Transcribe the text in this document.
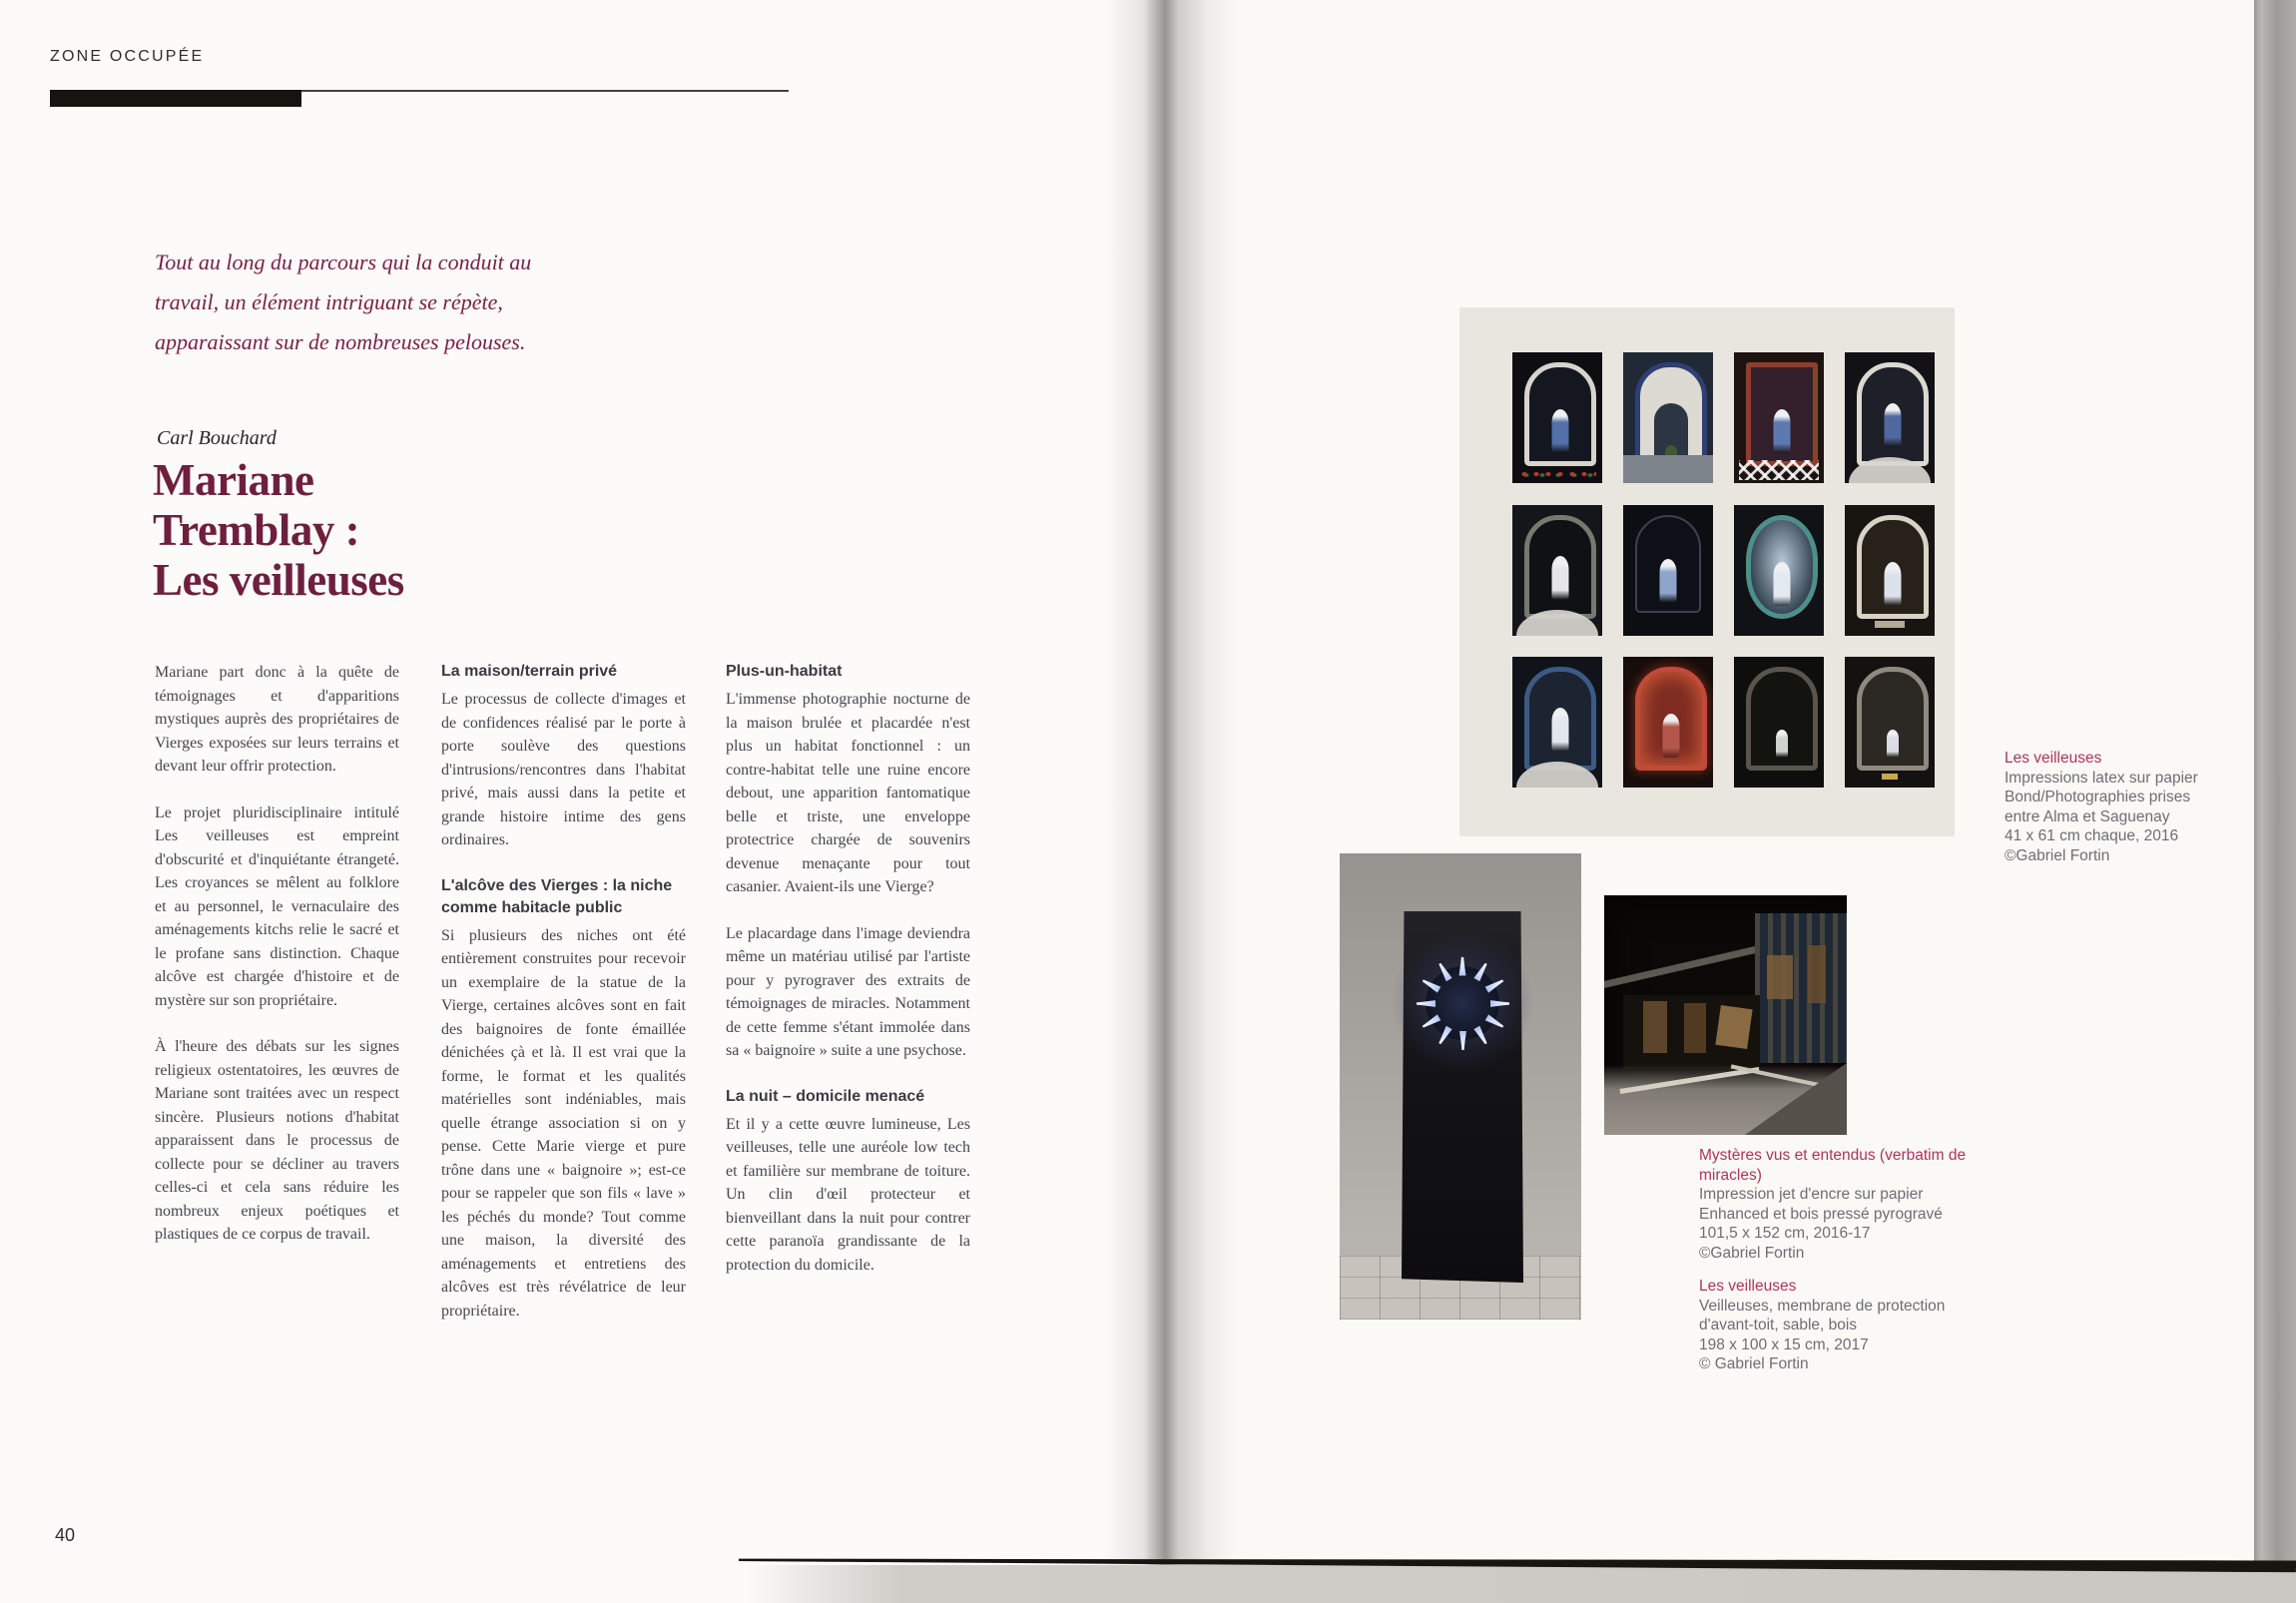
ZONE OCCUPÉE
Tout au long du parcours qui la conduit au
travail, un élément intriguant se répète,
apparaissant sur de nombreuses pelouses.
Carl Bouchard
Mariane
Tremblay :
Les veilleuses

Mariane part donc à la quête de témoignages et d'apparitions mystiques auprès des propriétaires de Vierges exposées sur leurs terrains et devant leur offrir protection.

Le projet pluridisciplinaire intitulé Les veilleuses est empreint d'obscurité et d'inquiétante étrangeté. Les croyances se mêlent au folklore et au personnel, le vernaculaire des aménagements kitchs relie le sacré et le profane sans distinction. Chaque alcôve est chargée d'histoire et de mystère sur son propriétaire.

À l'heure des débats sur les signes religieux ostentatoires, les œuvres de Mariane sont traitées avec un respect sincère. Plusieurs notions d'habitat apparaissent dans le processus de collecte pour se décliner au travers celles-ci et cela sans réduire les nombreux enjeux poétiques et plastiques de ce corpus de travail.

La maison/terrain privé

Le processus de collecte d'images et de confidences réalisé par le porte à porte soulève des questions d'intrusions/rencontres dans l'habitat privé, mais aussi dans la petite et grande histoire intime des gens ordinaires.

L'alcôve des Vierges : la niche comme habitacle public

Si plusieurs des niches ont été entièrement construites pour recevoir un exemplaire de la statue de la Vierge, certaines alcôves sont en fait des baignoires de fonte émaillée dénichées çà et là. Il est vrai que la forme, le format et les qualités matérielles sont indéniables, mais quelle étrange association si on y pense. Cette Marie vierge et pure trône dans une « baignoire »; est-ce pour se rappeler que son fils « lave » les péchés du monde? Tout comme une maison, la diversité des aménagements et entretiens des alcôves est très révélatrice de leur propriétaire.

Plus-un-habitat

L'immense photographie nocturne de la maison brulée et placardée n'est plus un habitat fonctionnel : un contre-habitat telle une ruine encore debout, une apparition fantomatique belle et triste, une enveloppe protectrice chargée de souvenirs devenue menaçante pour tout casanier. Avaient-ils une Vierge?

Le placardage dans l'image deviendra même un matériau utilisé par l'artiste pour y pyrograver des extraits de témoignages de miracles. Notamment de cette femme s'étant immolée dans sa « baignoire » suite a une psychose.

La nuit – domicile menacé

Et il y a cette œuvre lumineuse, Les veilleuses, telle une auréole low tech et familière sur membrane de toiture. Un clin d'œil protecteur et bienveillant dans la nuit pour contrer cette paranoïa grandissante de la protection du domicile.

40
Les veilleuses
Impressions latex sur papier
Bond/Photographies prises
entre Alma et Saguenay
41 x 61 cm chaque, 2016
©Gabriel Fortin
Mystères vus et entendus (verbatim de miracles)
Impression jet d'encre sur papier
Enhanced et bois pressé pyrogravé
101,5 x 152 cm, 2016-17
©Gabriel Fortin
Les veilleuses
Veilleuses, membrane de protection
d'avant-toit, sable, bois
198 x 100 x 15 cm, 2017
© Gabriel Fortin
